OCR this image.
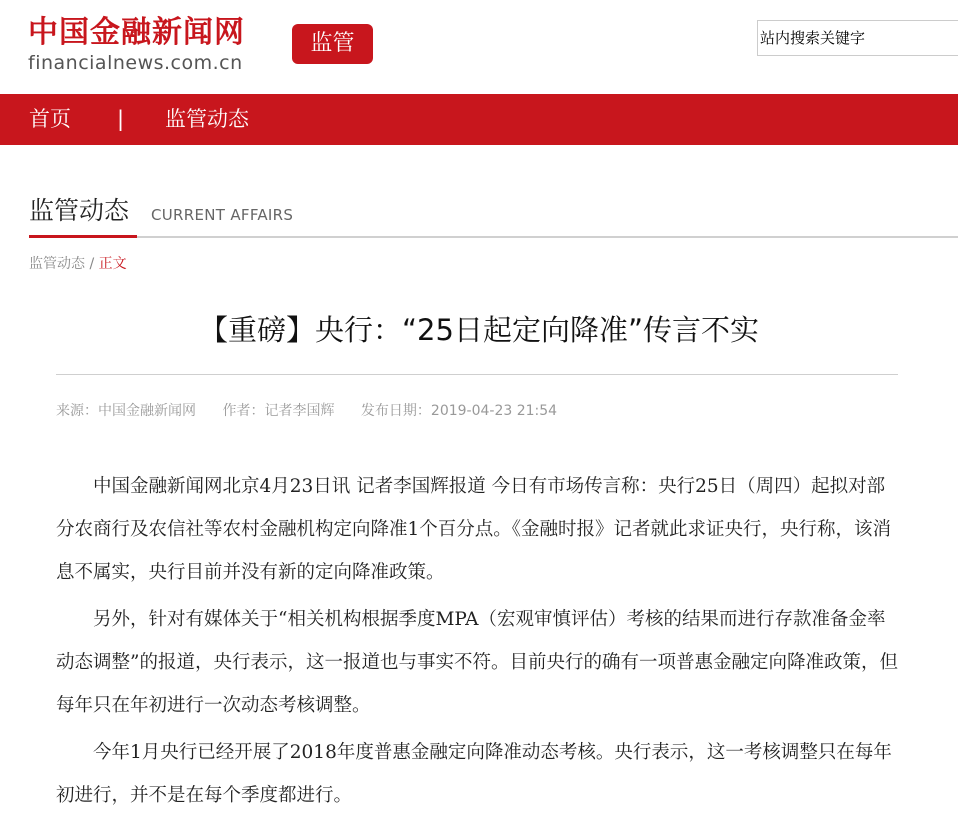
中国金融新闻网
financialnews.com.cn
监管
站内搜索关键字
首页 | 监管动态
监管动态 CURRENT AFFAIRS
监管动态 / 正文
【重磅】央行：“25日起定向降准”传言不实
来源：中国金融新闻网 作者：记者李国辉 发布日期：2019-04-23 21:54

中国金融新闻网北京4月23日讯 记者李国辉报道 今日有市场传言称：央行25日（周四）起拟对部分农商行及农信社等农村金融机构定向降准1个百分点。《金融时报》记者就此求证央行，央行称，该消息不属实，央行目前并没有新的定向降准政策。

另外，针对有媒体关于“相关机构根据季度MPA（宏观审慎评估）考核的结果而进行存款准备金率动态调整”的报道，央行表示，这一报道也与事实不符。目前央行的确有一项普惠金融定向降准政策，但每年只在年初进行一次动态考核调整。

今年1月央行已经开展了2018年度普惠金融定向降准动态考核。央行表示，这一考核调整只在每年初进行，并不是在每个季度都进行。
